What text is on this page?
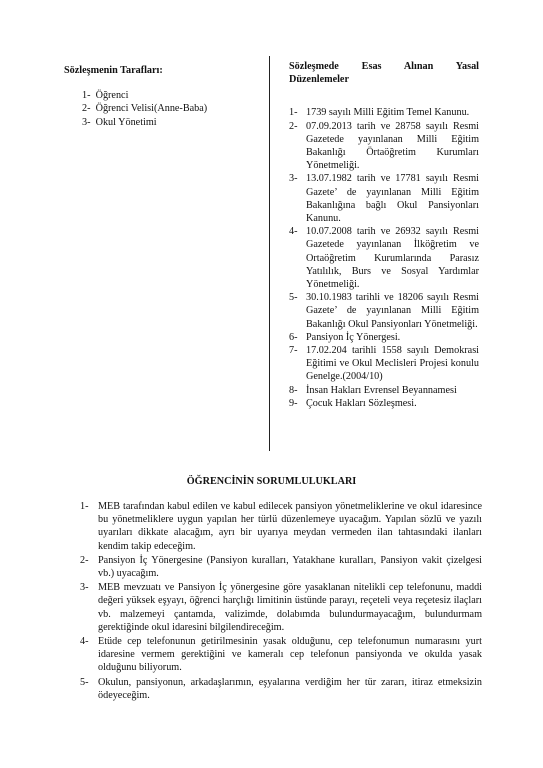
Sözleşmenin Tarafları:
1- Öğrenci
2- Öğrenci Velisi(Anne-Baba)
3- Okul Yönetimi
Sözleşmede Esas Alınan Yasal Düzenlemeler
1- 1739 sayılı Milli Eğitim Temel Kanunu.
2- 07.09.2013 tarih ve 28758 sayılı Resmi Gazetede yayınlanan Milli Eğitim Bakanlığı Örtaöğretim Kurumları Yönetmeliği.
3- 13.07.1982 tarih ve 17781 sayılı Resmi Gazete’ de yayınlanan Milli Eğitim Bakanlığına bağlı Okul Pansiyonları Kanunu.
4- 10.07.2008 tarih ve 26932 sayılı Resmi Gazetede yayınlanan İlköğretim ve Ortaöğretim Kurumlarında Parasız Yatılılık, Burs ve Sosyal Yardımlar Yönetmeliği.
5- 30.10.1983 tarihli ve 18206 sayılı Resmi Gazete’ de yayınlanan Milli Eğitim Bakanlığı Okul Pansiyonları Yönetmeliği.
6- Pansiyon İç Yönergesi.
7- 17.02.204 tarihli 1558 sayılı Demokrasi Eğitimi ve Okul Meclisleri Projesi konulu Genelge.(2004/10)
8- İnsan Hakları Evrensel Beyannamesi
9- Çocuk Hakları Sözleşmesi.
ÖĞRENCİNİN SORUMLULUKLARI
1- MEB tarafından kabul edilen ve kabul edilecek pansiyon yönetmeliklerine ve okul idaresince bu yönetmeliklere uygun yapılan her türlü düzenlemeye uyacağım. Yapılan sözlü ve yazılı uyarıları dikkate alacağım, ayrı bir uyarıya meydan vermeden ilan tahtasındaki ilanları kendim takip edeceğim.
2- Pansiyon İç Yönergesine (Pansiyon kuralları, Yatakhane kuralları, Pansiyon vakit çizelgesi vb.) uyacağım.
3- MEB mevzuatı ve Pansiyon İç yönergesine göre yasaklanan nitelikli cep telefonunu, maddi değeri yüksek eşyayı, öğrenci harçlığı limitinin üstünde parayı, reçeteli veya reçetesiz ilaçları vb. malzemeyi çantamda, valizimde, dolabımda bulundurmayacağım, bulundurmam gerektiğinde okul idaresini bilgilendireceğim.
4- Etüde cep telefonunun getirilmesinin yasak olduğunu, cep telefonumun numarasını yurt idaresine vermem gerektiğini ve kameralı cep telefonun pansiyonda ve okulda yasak olduğunu biliyorum.
5- Okulun, pansiyonun, arkadaşlarımın, eşyalarına verdiğim her tür zararı, itiraz etmeksizin ödeyeceğim.
